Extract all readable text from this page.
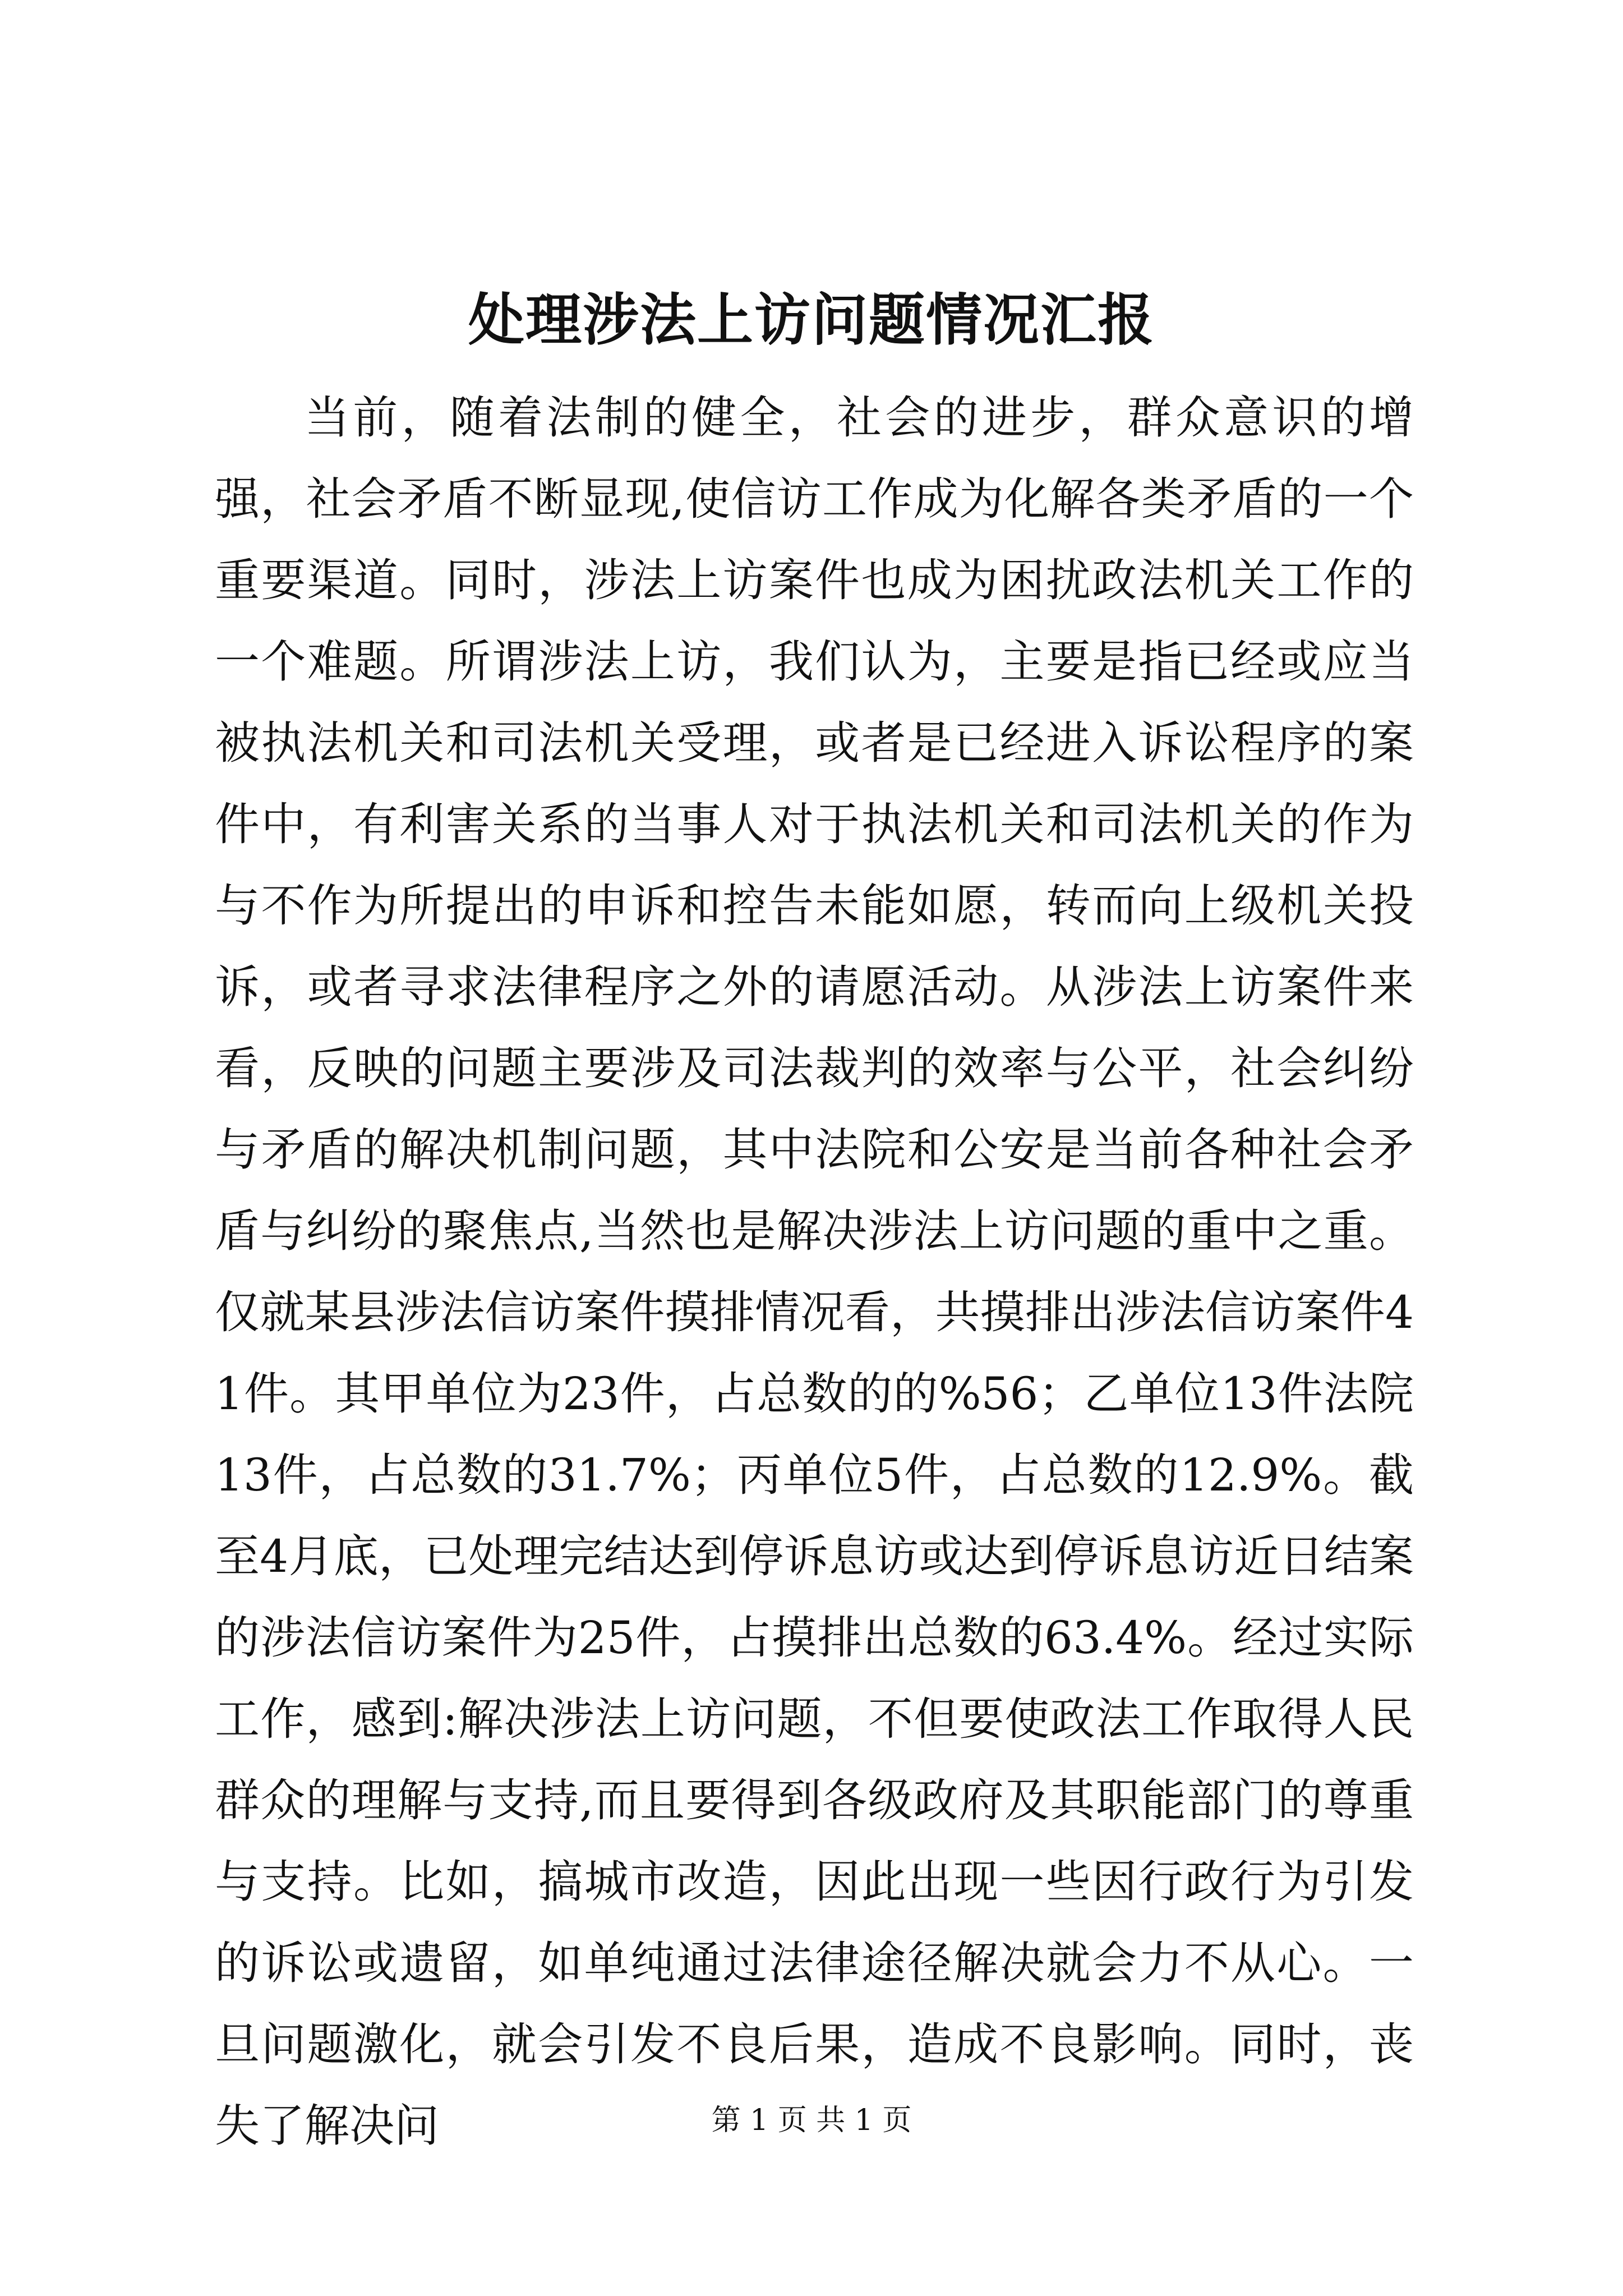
处理涉法上访问题情况汇报

当前，随着法制的健全，社会的进步，群众意识的增强，社会矛盾不断显现,使信访工作成为化解各类矛盾的一个重要渠道。同时，涉法上访案件也成为困扰政法机关工作的一个难题。所谓涉法上访，我们认为，主要是指已经或应当被执法机关和司法机关受理，或者是已经进入诉讼程序的案件中，有利害关系的当事人对于执法机关和司法机关的作为与不作为所提出的申诉和控告未能如愿，转而向上级机关投诉，或者寻求法律程序之外的请愿活动。从涉法上访案件来看，反映的问题主要涉及司法裁判的效率与公平，社会纠纷与矛盾的解决机制问题，其中法院和公安是当前各种社会矛盾与纠纷的聚焦点,当然也是解决涉法上访问题的重中之重。仅就某县涉法信访案件摸排情况看，共摸排出涉法信访案件41件。其甲单位为23件，占总数的的%56；乙单位13件法院13件，占总数的31.7%；丙单位5件，占总数的12.9%。截至4月底，已处理完结达到停诉息访或达到停诉息访近日结案的涉法信访案件为25件，占摸排出总数的63.4%。经过实际工作，感到:解决涉法上访问题，不但要使政法工作取得人民群众的理解与支持,而且要得到各级政府及其职能部门的尊重与支持。比如，搞城市改造，因此出现一些因行政行为引发的诉讼或遗留，如单纯通过法律途径解决就会力不从心。一旦问题激化，就会引发不良后果，造成不良影响。同时，丧失了解决问	第 1 页 共 1 页
